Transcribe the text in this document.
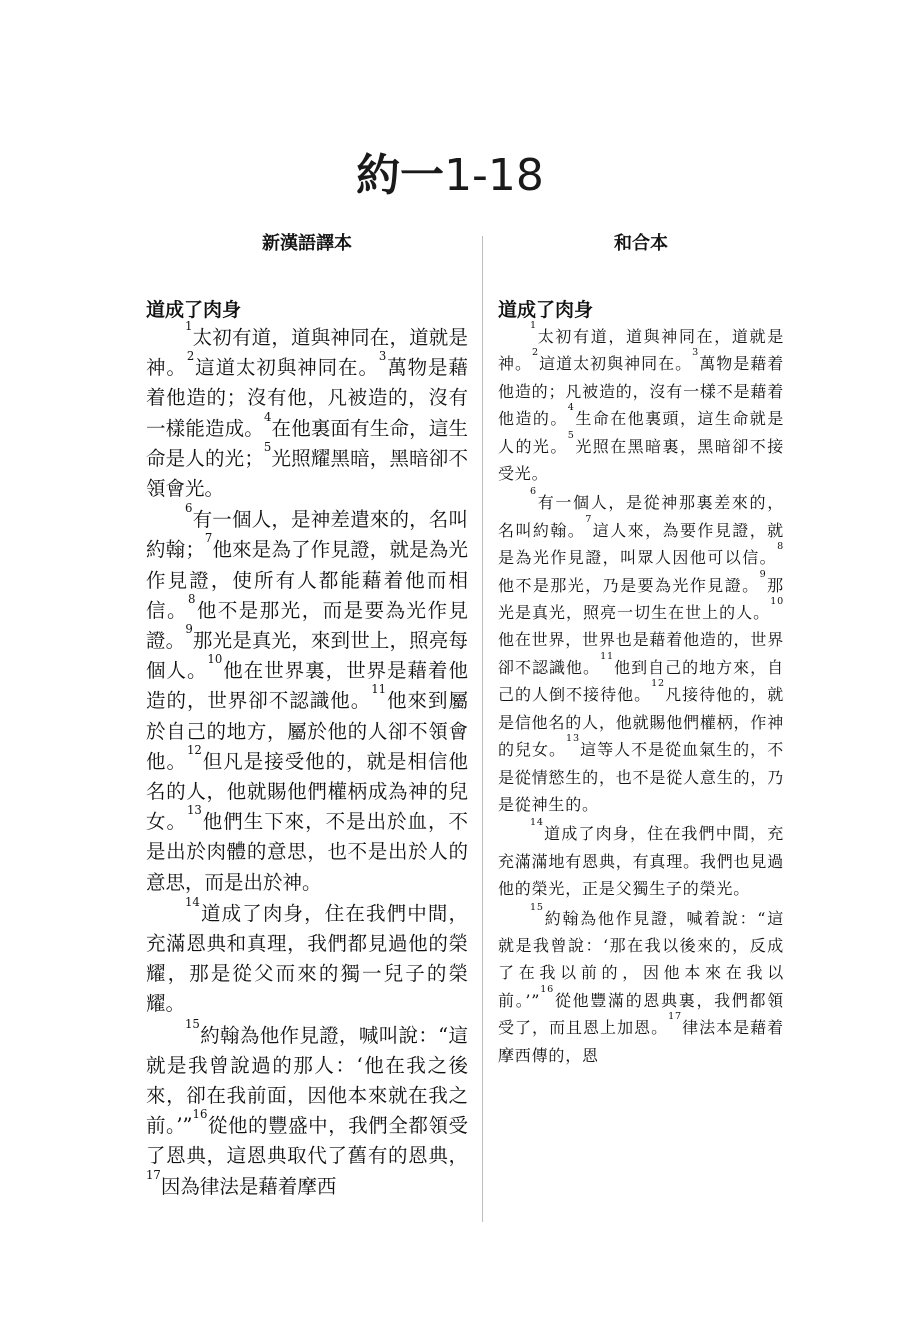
約一1-18
新漢語譯本
道成了肉身

$^1$太初有道，道與神同在，道就是神。$^2$這道太初與神同在。$^3$萬物是藉着他造的；沒有他，凡被造的，沒有一樣能造成。$^4$在他裏面有生命，這生命是人的光；$^5$光照耀黑暗，黑暗卻不領會光。

$^6$有一個人，是神差遣來的，名叫約翰；$^7$他來是為了作見證，就是為光作見證，使所有人都能藉着他而相信。$^8$他不是那光，而是要為光作見證。$^9$那光是真光，來到世上，照亮每個人。$^{10}$他在世界裏，世界是藉着他造的，世界卻不認識他。$^{11}$他來到屬於自己的地方，屬於他的人卻不領會他。$^{12}$但凡是接受他的，就是相信他名的人，他就賜他們權柄成為神的兒女。$^{13}$他們生下來，不是出於血，不是出於肉體的意思，也不是出於人的意思，而是出於神。

$^{14}$道成了肉身，住在我們中間，充滿恩典和真理，我們都見過他的榮耀，那是從父而來的獨一兒子的榮耀。

$^{15}$約翰為他作見證，喊叫說：“這就是我曾說過的那人：‘他在我之後來，卻在我前面，因他本來就在我之前。’”$^{16}$從他的豐盛中，我們全都領受了恩典，這恩典取代了舊有的恩典，$^{17}$因為律法是藉着摩西

和合本
道成了肉身

$^1$太初有道，道與神同在，道就是神。$^2$這道太初與神同在。$^3$萬物是藉着他造的；凡被造的，沒有一樣不是藉着他造的。$^4$生命在他裏頭，這生命就是人的光。$^5$光照在黑暗裏，黑暗卻不接受光。

$^6$有一個人，是從神那裏差來的，名叫約翰。$^7$這人來，為要作見證，就是為光作見證，叫眾人因他可以信。$^8$他不是那光，乃是要為光作見證。$^9$那光是真光，照亮一切生在世上的人。$^{10}$他在世界，世界也是藉着他造的，世界卻不認識他。$^{11}$他到自己的地方來，自己的人倒不接待他。$^{12}$凡接待他的，就是信他名的人，他就賜他們權柄，作神的兒女。$^{13}$這等人不是從血氣生的，不是從情慾生的，也不是從人意生的，乃是從神生的。

$^{14}$道成了肉身，住在我們中間，充充滿滿地有恩典，有真理。我們也見過他的榮光，正是父獨生子的榮光。

$^{15}$約翰為他作見證，喊着說：“這就是我曾說：‘那在我以後來的，反成了在我以前的，因他本來在我以前。’”$^{16}$從他豐滿的恩典裏，我們都領受了，而且恩上加恩。$^{17}$律法本是藉着摩西傳的，恩
